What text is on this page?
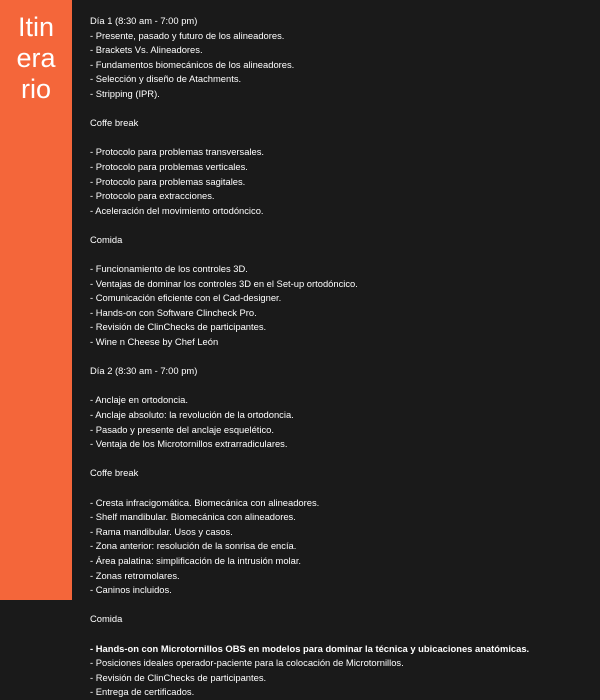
Itinerario
Día 1 (8:30 am - 7:00 pm)
- Presente, pasado y futuro de los alineadores.
- Brackets Vs. Alineadores.
- Fundamentos biomecánicos de los alineadores.
- Selección y diseño de Atachments.
- Stripping (IPR).
Coffe break
- Protocolo para problemas transversales.
- Protocolo para problemas verticales.
- Protocolo para problemas sagitales.
- Protocolo para extracciones.
- Aceleración del movimiento ortodóncico.
Comida
- Funcionamiento de los controles 3D.
- Ventajas de dominar los controles 3D en el Set-up ortodóncico.
- Comunicación eficiente con el Cad-designer.
- Hands-on con Software Clincheck Pro.
- Revisión de ClinChecks de participantes.
- Wine n Cheese by Chef León
Día 2 (8:30 am - 7:00 pm)
- Anclaje en ortodoncia.
- Anclaje absoluto: la revolución de la ortodoncia.
- Pasado y presente del anclaje esquelético.
- Ventaja de los Microtornillos extrarradiculares.
Coffe break
- Cresta infracigomática. Biomecánica con alineadores.
- Shelf mandibular. Biomecánica con alineadores.
- Rama mandibular. Usos y casos.
- Zona anterior: resolución de la sonrisa de encía.
- Área palatina: simplificación de la intrusión molar.
- Zonas retromolares.
- Caninos incluidos.
Comida
- Hands-on con Microtornillos OBS en modelos para dominar la técnica y ubicaciones anatómicas.
- Posiciones ideales operador-paciente para la colocación de Microtornillos.
- Revisión de ClinChecks de participantes.
- Entrega de certificados.
